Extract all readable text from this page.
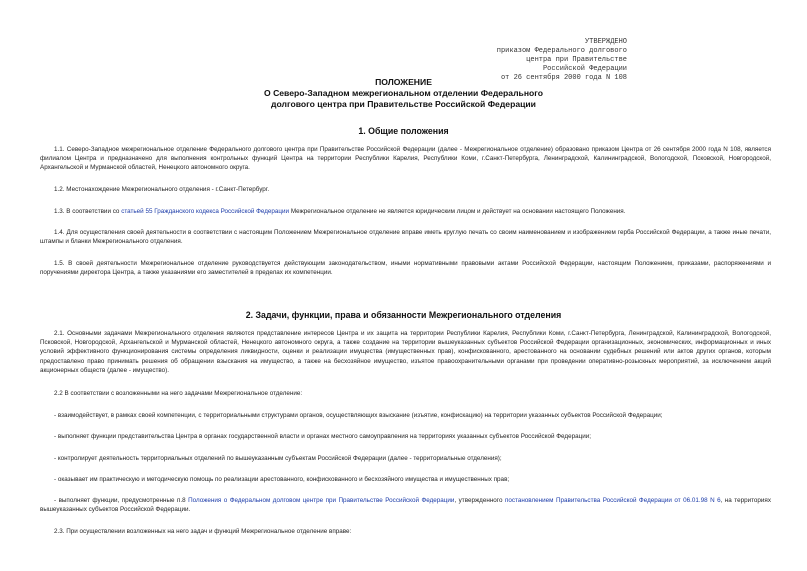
УТВЕРЖДЕНО
приказом Федерального долгового
центра при Правительстве
Российской Федерации
от 26 сентября 2000 года N 108
ПОЛОЖЕНИЕ
О Северо-Западном межрегиональном отделении Федерального
долгового центра при Правительстве Российской Федерации
1. Общие положения
1.1. Северо-Западное межрегиональное отделение Федерального долгового центра при Правительстве Российской Федерации (далее - Межрегиональное отделение) образовано приказом Центра от 26 сентября 2000 года N 108, является филиалом Центра и предназначено для выполнения контрольных функций Центра на территории Республики Карелия, Республики Коми, г.Санкт-Петербурга, Ленинградской, Калининградской, Вологодской, Псковской, Новгородской, Архангельской и Мурманской областей, Ненецкого автономного округа.
1.2. Местонахождение Межрегионального отделения - г.Санкт-Петербург.
1.3. В соответствии со статьей 55 Гражданского кодекса Российской Федерации Межрегиональное отделение не является юридическим лицом и действует на основании настоящего Положения.
1.4. Для осуществления своей деятельности в соответствии с настоящим Положением Межрегиональное отделение вправе иметь круглую печать со своим наименованием и изображением герба Российской Федерации, а также иные печати, штампы и бланки Межрегионального отделения.
1.5. В своей деятельности Межрегиональное отделение руководствуется действующим законодательством, иными нормативными правовыми актами Российской Федерации, настоящим Положением, приказами, распоряжениями и поручениями директора Центра, а также указаниями его заместителей в пределах их компетенции.
2. Задачи, функции, права и обязанности Межрегионального отделения
2.1. Основными задачами Межрегионального отделения являются представление интересов Центра и их защита на территории Республики Карелия, Республики Коми, г.Санкт-Петербурга, Ленинградской, Калининградской, Вологодской, Псковской, Новгородской, Архангельской и Мурманской областей, Ненецкого автономного округа, а также создание на территории вышеуказанных субъектов Российской Федерации организационных, экономических, информационных и иных условий эффективного функционирования системы определения ликвидности, оценки и реализации имущества (имущественных прав), конфискованного, арестованного на основании судебных решений или актов других органов, которым предоставлено право принимать решения об обращении взыскания на имущество, а также на бесхозяйное имущество, изъятое правоохранительными органами при проведении оперативно-розыскных мероприятий, за исключением акций акционерных обществ (далее - имущество).
2.2 В соответствии с возложенными на него задачами Межрегиональное отделение:
- взаимодействует, в рамках своей компетенции, с территориальными структурами органов, осуществляющих взыскание (изъятие, конфискацию) на территории указанных субъектов Российской Федерации;
- выполняет функции представительства Центра в органах государственной власти и органах местного самоуправления на территориях указанных субъектов Российской Федерации;
- контролирует деятельность территориальных отделений по вышеуказанным субъектам Российской Федерации (далее - территориальные отделения);
- оказывает им практическую и методическую помощь по реализации арестованного, конфискованного и бесхозяйного имущества и имущественных прав;
- выполняет функции, предусмотренные п.8 Положения о Федеральном долговом центре при Правительстве Российской Федерации, утвержденного постановлением Правительства Российской Федерации от 06.01.98 N 6, на территориях вышеуказанных субъектов Российской Федерации.
2.3. При осуществлении возложенных на него задач и функций Межрегиональное отделение вправе:
